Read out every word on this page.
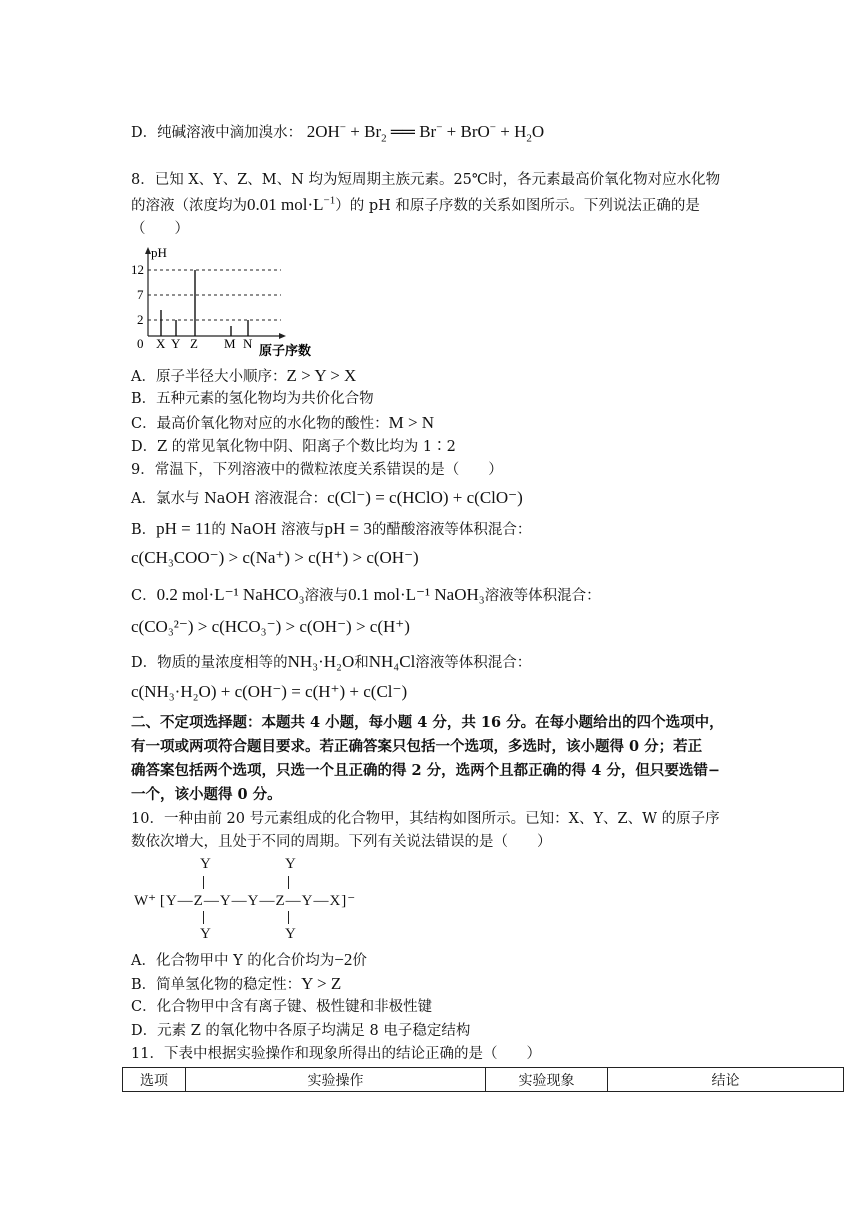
D．纯碱溶液中滴加溴水： $2OH^- + Br_2$ ══ $Br^- + BrO^- + H_2O$
8．已知 X、Y、Z、M、N 均为短周期主族元素。25℃时，各元素最高价氧化物对应水化物
的溶液（浓度均为0.01 $mol\cdot L^{-1}$）的 pH 和原子序数的关系如图所示。下列说法正确的是
（　　）
pH
12
7
2
0 X Y Z M N 原子序数
A．原子半径大小顺序：Z > Y > X
B．五种元素的氢化物均为共价化合物
C．最高价氧化物对应的水化物的酸性：M > N
D．Z 的常见氧化物中阴、阳离子个数比均为 1∶2
9．常温下，下列溶液中的微粒浓度关系错误的是（　　）
A．氯水与 NaOH 溶液混合：c(Cl⁻) = c(HClO) + c(ClO⁻)
B．pH = 11的 NaOH 溶液与pH = 3的醋酸溶液等体积混合：
c(CH₃COO⁻) > c(Na⁺) > c(H⁺) > c(OH⁻)
C．0.2 mol·L⁻¹ NaHCO₃溶液与0.1 mol·L⁻¹ NaOH₃溶液等体积混合：
c(CO₃²⁻) > c(HCO₃⁻) > c(OH⁻) > c(H⁺)
D．物质的量浓度相等的NH₃·H₂O和NH₄Cl溶液等体积混合：
c(NH₃·H₂O) + c(OH⁻) = c(H⁺) + c(Cl⁻)
二、不定项选择题：本题共 4 小题，每小题 4 分，共 16 分。在每小题给出的四个选项中，
有一项或两项符合题目要求。若正确答案只包括一个选项，多选时，该小题得 0 分；若正
确答案包括两个选项，只选一个且正确的得 2 分，选两个且都正确的得 4 分，但只要选错−
一个，该小题得 0 分。
10．一种由前 20 号元素组成的化合物甲，其结构如图所示。已知：X、Y、Z、W 的原子序
数依次增大，且处于不同的周期。下列有关说法错误的是（　　）
Y	Y
||	||
W⁺ [Y—Z—Y—Y—Z—Y—X]⁻
||	||
Y	Y
A．化合物甲中 Y 的化合价均为−2价
B．简单氢化物的稳定性：Y > Z
C．化合物甲中含有离子键、极性键和非极性键
D．元素 Z 的氧化物中各原子均满足 8 电子稳定结构
11．下表中根据实验操作和现象所得出的结论正确的是（　　）
选项	实验操作	实验现象	结论
